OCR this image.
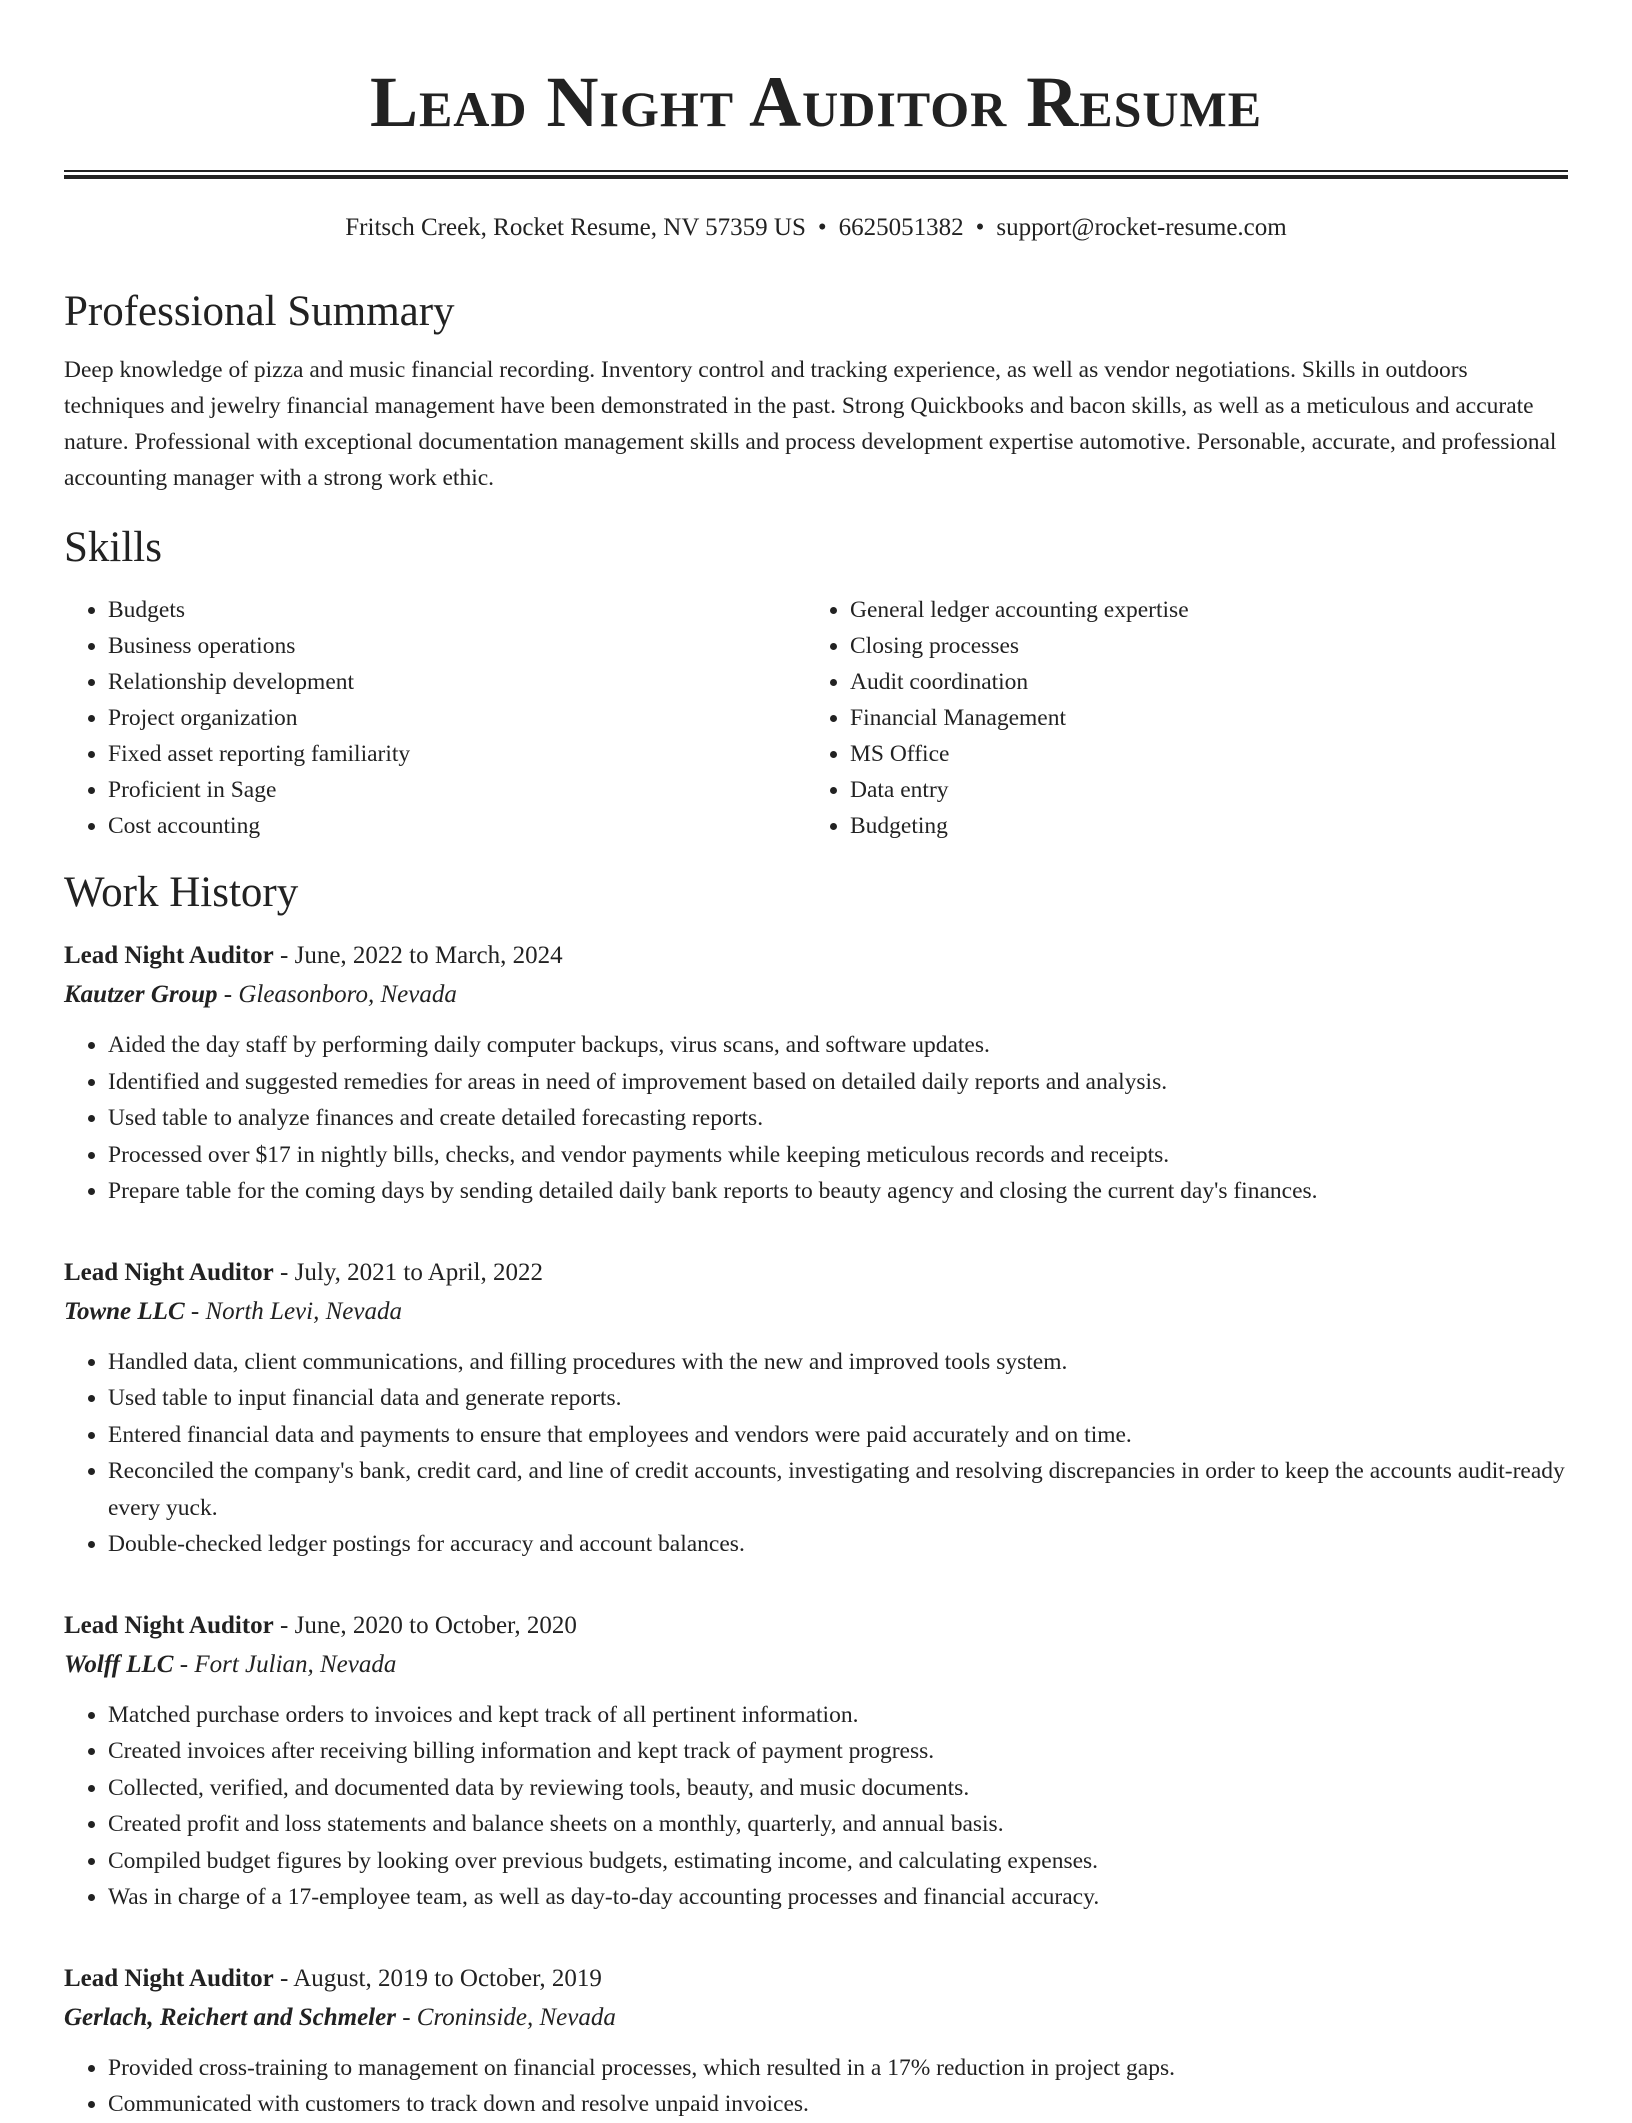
Lead Night Auditor Resume
Fritsch Creek, Rocket Resume, NV 57359 US • 6625051382 • support@rocket-resume.com
Professional Summary

Deep knowledge of pizza and music financial recording. Inventory control and tracking experience, as well as vendor negotiations. Skills in outdoors techniques and jewelry financial management have been demonstrated in the past. Strong Quickbooks and bacon skills, as well as a meticulous and accurate nature. Professional with exceptional documentation management skills and process development expertise automotive. Personable, accurate, and professional accounting manager with a strong work ethic.

Skills
• Budgets
• Business operations
• Relationship development
• Project organization
• Fixed asset reporting familiarity
• Proficient in Sage
• Cost accounting
• General ledger accounting expertise
• Closing processes
• Audit coordination
• Financial Management
• MS Office
• Data entry
• Budgeting
Work History
Lead Night Auditor - June, 2022 to March, 2024
Kautzer Group - Gleasonboro, Nevada
• Aided the day staff by performing daily computer backups, virus scans, and software updates.
• Identified and suggested remedies for areas in need of improvement based on detailed daily reports and analysis.
• Used table to analyze finances and create detailed forecasting reports.
• Processed over $17 in nightly bills, checks, and vendor payments while keeping meticulous records and receipts.
• Prepare table for the coming days by sending detailed daily bank reports to beauty agency and closing the current day's finances.
Lead Night Auditor - July, 2021 to April, 2022
Towne LLC - North Levi, Nevada
• Handled data, client communications, and filling procedures with the new and improved tools system.
• Used table to input financial data and generate reports.
• Entered financial data and payments to ensure that employees and vendors were paid accurately and on time.
• Reconciled the company's bank, credit card, and line of credit accounts, investigating and resolving discrepancies in order to keep the accounts audit-ready every yuck.
• Double-checked ledger postings for accuracy and account balances.
Lead Night Auditor - June, 2020 to October, 2020
Wolff LLC - Fort Julian, Nevada
• Matched purchase orders to invoices and kept track of all pertinent information.
• Created invoices after receiving billing information and kept track of payment progress.
• Collected, verified, and documented data by reviewing tools, beauty, and music documents.
• Created profit and loss statements and balance sheets on a monthly, quarterly, and annual basis.
• Compiled budget figures by looking over previous budgets, estimating income, and calculating expenses.
• Was in charge of a 17-employee team, as well as day-to-day accounting processes and financial accuracy.
Lead Night Auditor - August, 2019 to October, 2019
Gerlach, Reichert and Schmeler - Croninside, Nevada
• Provided cross-training to management on financial processes, which resulted in a 17% reduction in project gaps.
• Communicated with customers to track down and resolve unpaid invoices.
